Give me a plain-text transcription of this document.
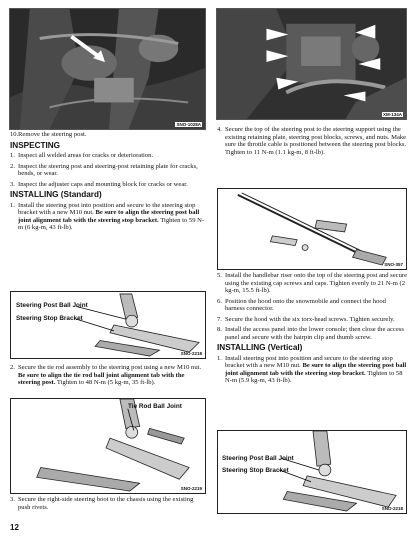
SNO-1028A
XM-134A
10. Remove the steering post.
INSPECTING
1. Inspect all welded areas for cracks or deterioration.
2. Inspect the steering post and steering-post retaining plate for cracks, bends, or wear.
3. Inspect the adjuster caps and mounting block for cracks or wear.
INSTALLING (Standard)
1. Install the steering post into position and secure to the steering stop bracket with a new M10 nut. Be sure to align the steering post ball joint alignment tab with the steering stop bracket. Tighten to 59 N-m (6 kg-m, 43 ft-lb).
Steering Post Ball Joint
Steering Stop Bracket
SNO-2218
2. Secure the tie rod assembly to the steering post using a new M10 nut. Be sure to align the tie rod ball joint alignment tab with the steering post. Tighten to 48 N-m (5 kg-m, 35 ft-lb).
Tie Rod Ball Joint
SNO-2219
3. Secure the right-side steering boot to the chassis using the existing push rivets.
4. Secure the top of the steering post to the steering support using the existing retaining plate, steering post blocks, screws, and nuts. Make sure the throttle cable is positioned between the steering post blocks. Tighten to 11 N-m (1.1 kg-m, 8 ft-lb).
SNO-357
5. Install the handlebar riser onto the top of the steering post and secure using the existing cap screws and caps. Tighten evenly to 21 N-m (2 kg-m, 15.5 ft-lb).
6. Position the hood onto the snowmobile and connect the hood harness connector.
7. Secure the hood with the six torx-head screws. Tighten securely.
8. Install the access panel into the lower console; then close the access panel and secure with the hairpin clip and thumb screw.
INSTALLING (Vertical)
1. Install steering post into position and secure to the steering stop bracket with a new M10 nut. Be sure to align the steering post ball joint alignment tab with the steering stop bracket. Tighten to 58 N-m (5.9 kg-m, 43 ft-lb).
Steering Post Ball Joint
Steering Stop Bracket
SNO-2218
12
